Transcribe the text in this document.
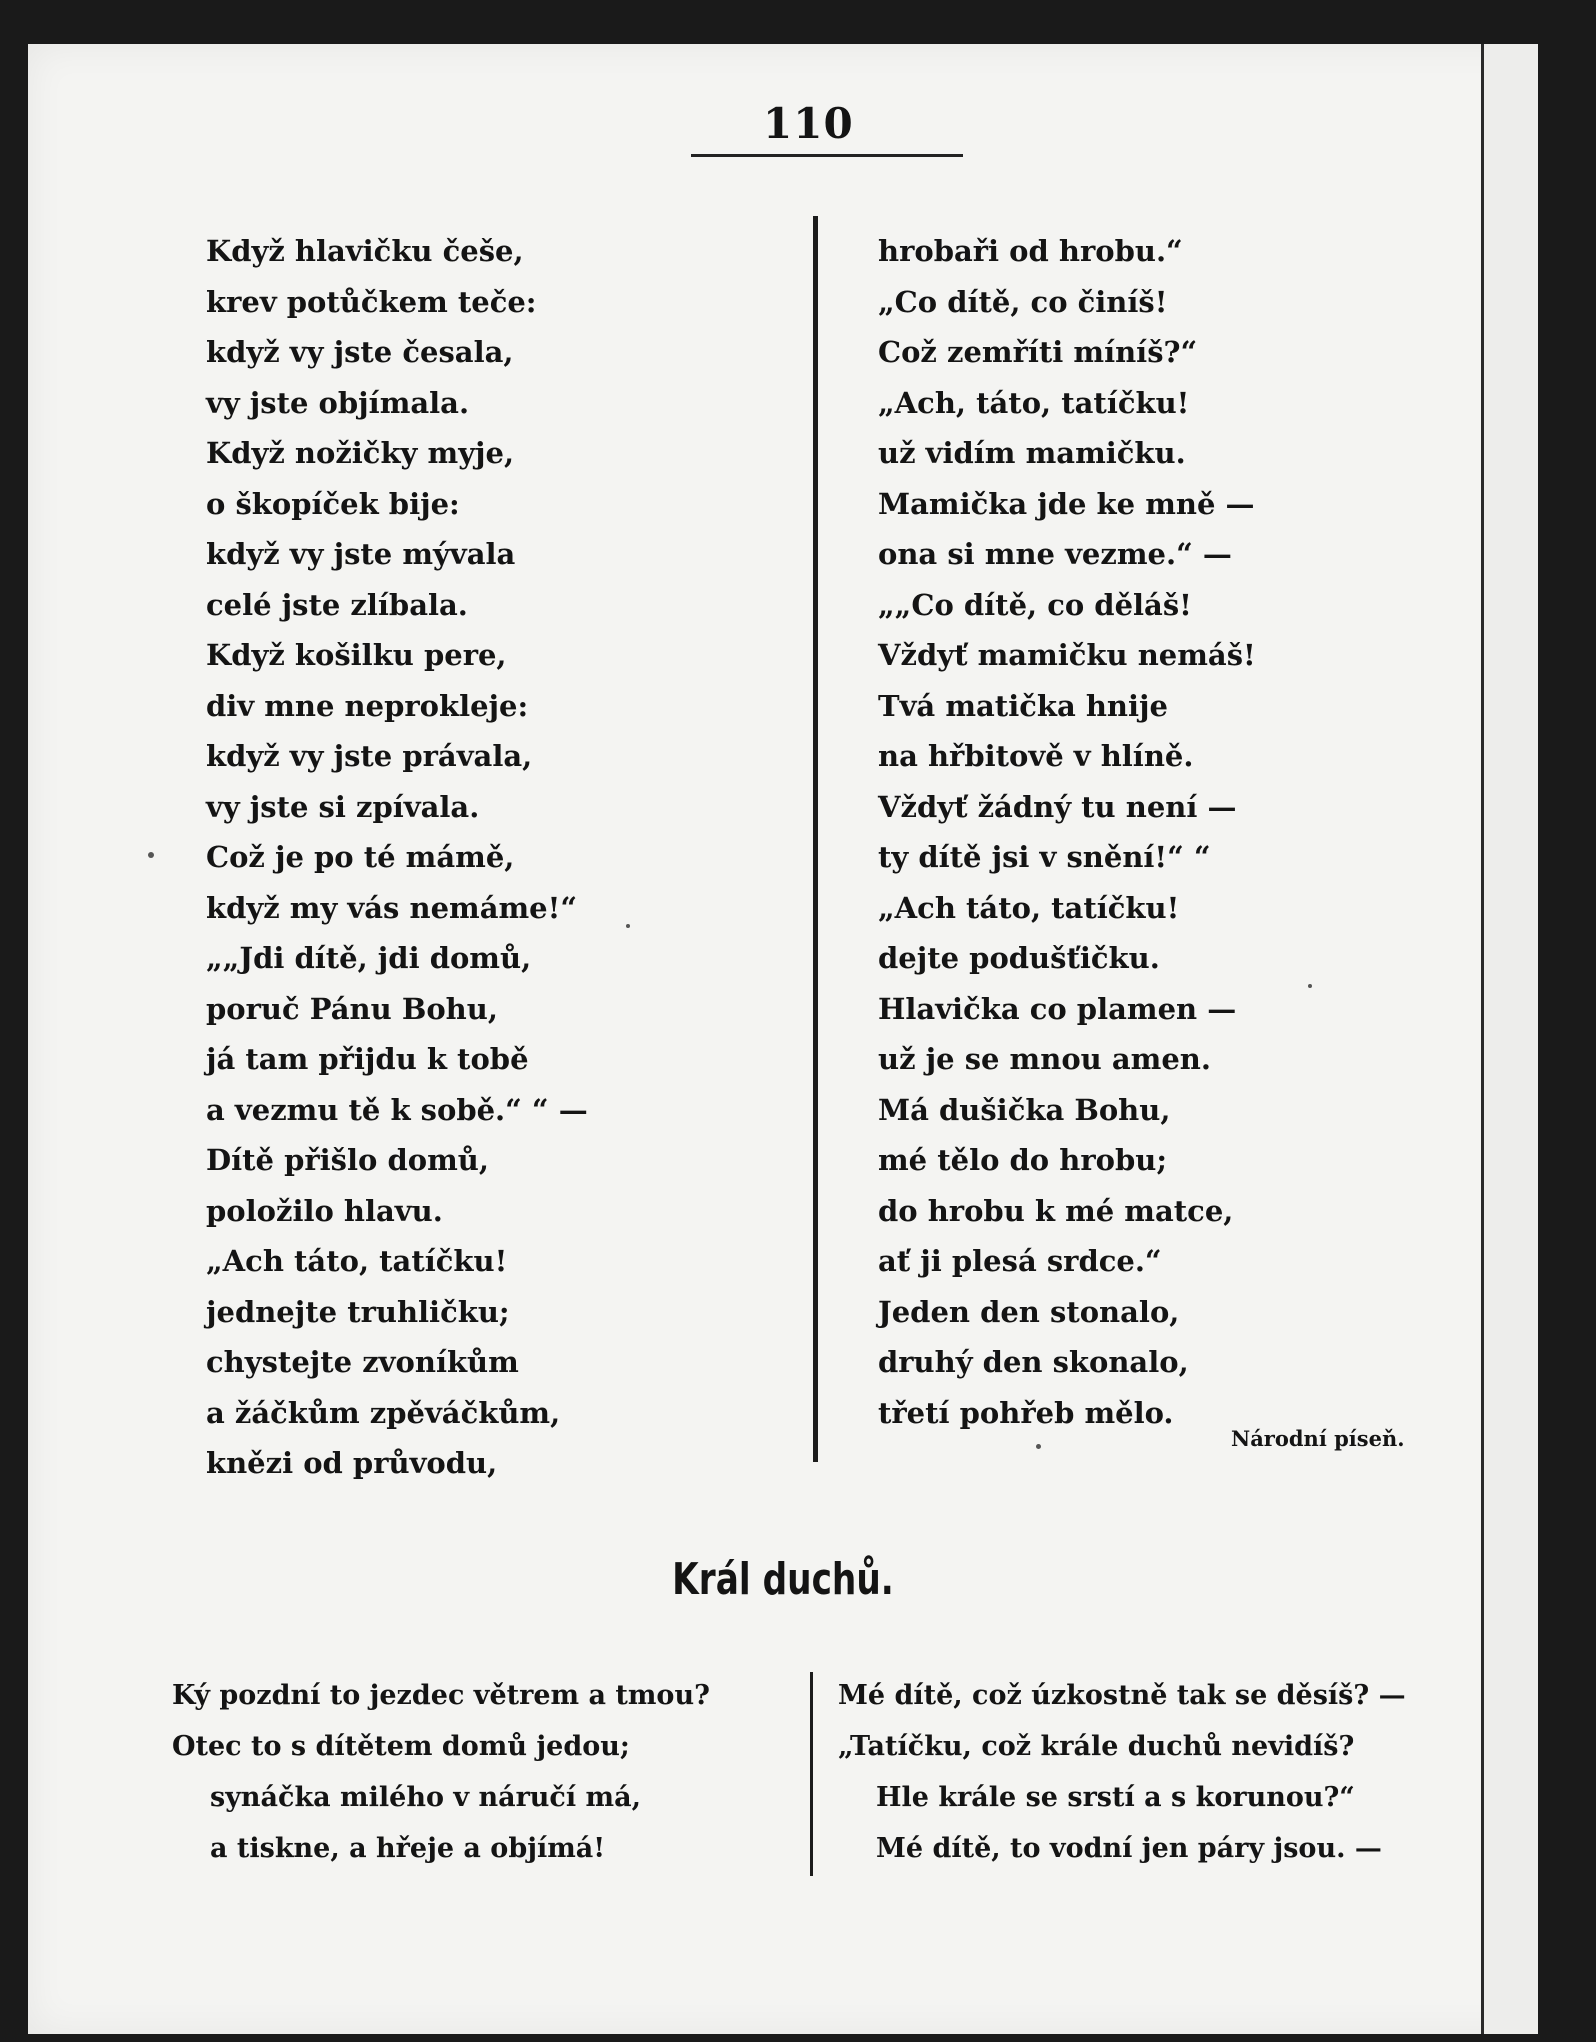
110
Když hlavičku češe,
krev potůčkem teče:
když vy jste česala,
vy jste objímala.
Když nožičky myje,
o škopíček bije:
když vy jste mývala
celé jste zlíbala.
Když košilku pere,
div mne neprokleje:
když vy jste právala,
vy jste si zpívala.
Což je po té mámě,
když my vás nemáme!“
„„Jdi dítě, jdi domů,
poruč Pánu Bohu,
já tam přijdu k tobě
a vezmu tě k sobě.“ “ —
Dítě přišlo domů,
položilo hlavu.
„Ach táto, tatíčku!
jednejte truhličku;
chystejte zvoníkům
a žáčkům zpěváčkům,
knězi od průvodu,
hrobaři od hrobu.“
„Co dítě, co činíš!
Což zemříti míníš?“
„Ach, táto, tatíčku!
už vidím mamičku.
Mamička jde ke mně —
ona si mne vezme.“ —
„„Co dítě, co děláš!
Vždyť mamičku nemáš!
Tvá matička hnije
na hřbitově v hlíně.
Vždyť žádný tu není —
ty dítě jsi v snění!“ “
„Ach táto, tatíčku!
dejte podušťičku.
Hlavička co plamen —
už je se mnou amen.
Má dušička Bohu,
mé tělo do hrobu;
do hrobu k mé matce,
ať ji plesá srdce.“
Jeden den stonalo,
druhý den skonalo,
třetí pohřeb mělo.
Národní píseň.
Král duchů.
Ký pozdní to jezdec větrem a tmou?
Otec to s dítětem domů jedou;
synáčka milého v náručí má,
a tiskne, a hřeje a objímá!
Mé dítě, což úzkostně tak se děsíš? —
„Tatíčku, což krále duchů nevidíš?
Hle krále se srstí a s korunou?“
Mé dítě, to vodní jen páry jsou. —
